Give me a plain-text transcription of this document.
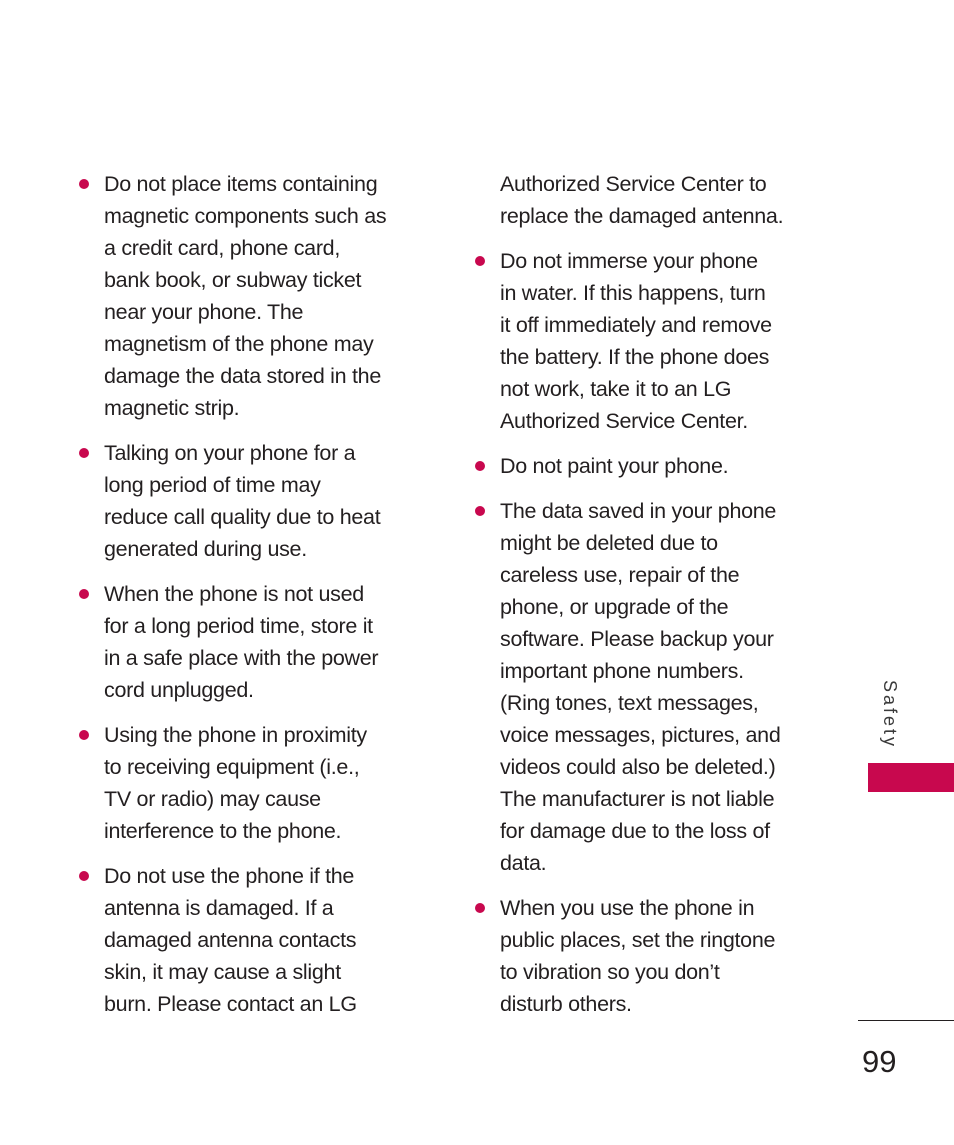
Do not place items containing
magnetic components such as
a credit card, phone card,
bank book, or subway ticket
near your phone. The
magnetism of the phone may
damage the data stored in the
magnetic strip.
Talking on your phone for a
long period of time may
reduce call quality due to heat
generated during use.
When the phone is not used
for a long period time, store it
in a safe place with the power
cord unplugged.
Using the phone in proximity
to receiving equipment (i.e.,
TV or radio) may cause
interference to the phone.
Do not use the phone if the
antenna is damaged. If a
damaged antenna contacts
skin, it may cause a slight
burn. Please contact an LG
Authorized Service Center to
replace the damaged antenna.
Do not immerse your phone
in water. If this happens, turn
it off immediately and remove
the battery. If the phone does
not work, take it to an LG
Authorized Service Center.
Do not paint your phone.
The data saved in your phone
might be deleted due to
careless use, repair of the
phone, or upgrade of the
software. Please backup your
important phone numbers.
(Ring tones, text messages,
voice messages, pictures, and
videos could also be deleted.)
The manufacturer is not liable
for damage due to the loss of
data.
When you use the phone in
public places, set the ringtone
to vibration so you don’t
disturb others.
Safety
99
